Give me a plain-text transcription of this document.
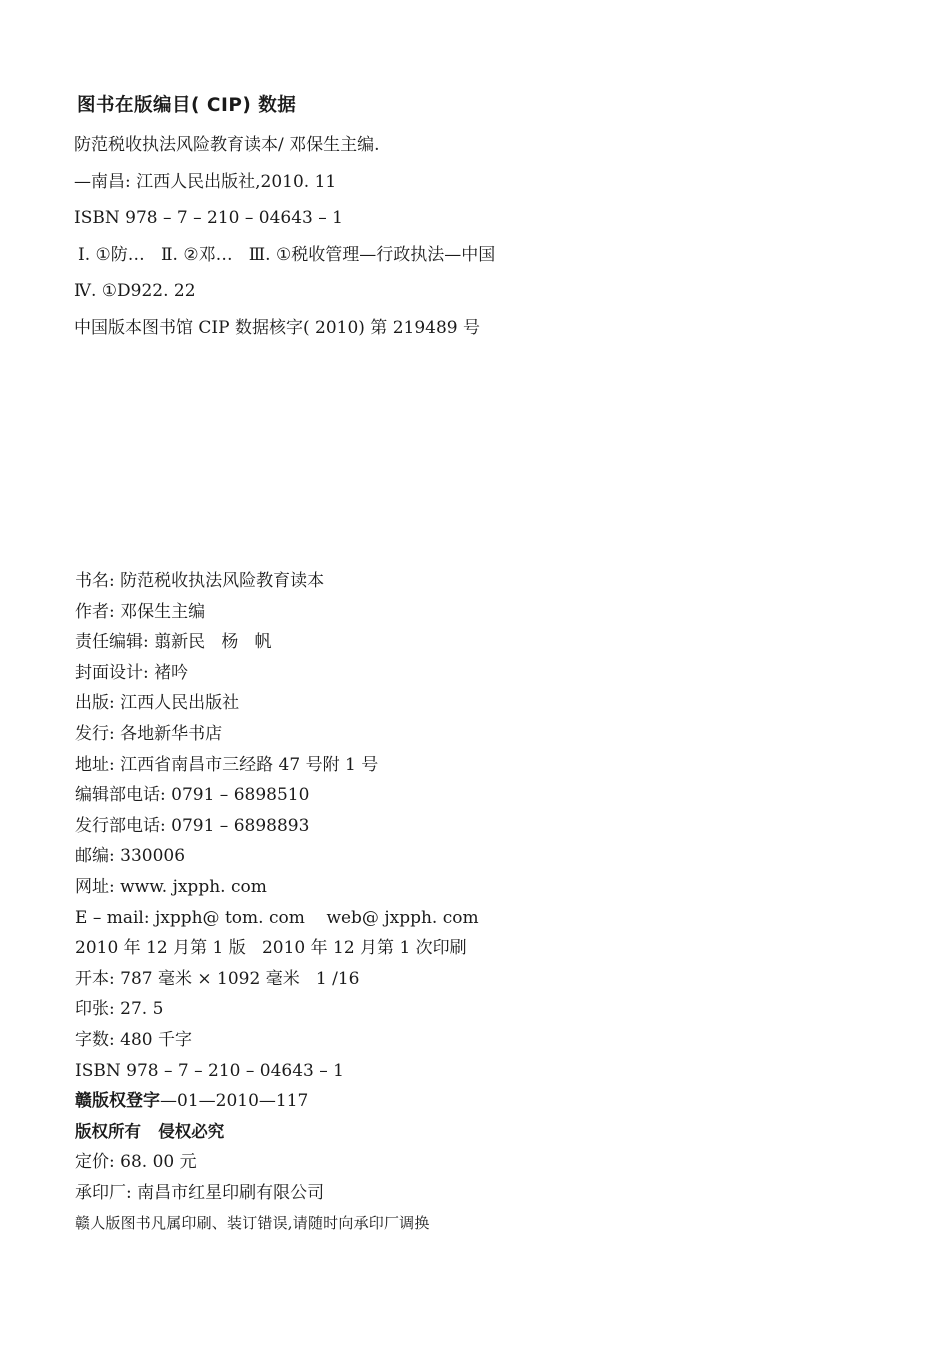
图书在版编目( CIP) 数据
防范税收执法风险教育读本/ 邓保生主编.
—南昌: 江西人民出版社,2010. 11
ISBN 978 – 7 – 210 – 04643 – 1
Ⅰ. ①防…   Ⅱ. ②邓…   Ⅲ. ①税收管理—行政执法—中国
Ⅳ. ①D922. 22
中国版本图书馆 CIP 数据核字( 2010) 第 219489 号
书名: 防范税收执法风险教育读本
作者: 邓保生主编
责任编辑: 翦新民   杨   帆
封面设计: 褚吟
出版: 江西人民出版社
发行: 各地新华书店
地址: 江西省南昌市三经路 47 号附 1 号
编辑部电话: 0791 – 6898510
发行部电话: 0791 – 6898893
邮编: 330006
网址: www. jxpph. com
E – mail: jxpph@ tom. com    web@ jxpph. com
2010 年 12 月第 1 版   2010 年 12 月第 1 次印刷
开本: 787 毫米 × 1092 毫米   1 /16
印张: 27. 5
字数: 480 千字
ISBN 978 – 7 – 210 – 04643 – 1
赣版权登字—01—2010—117
版权所有   侵权必究
定价: 68. 00 元
承印厂: 南昌市红星印刷有限公司
赣人版图书凡属印刷、装订错误,请随时向承印厂调换
